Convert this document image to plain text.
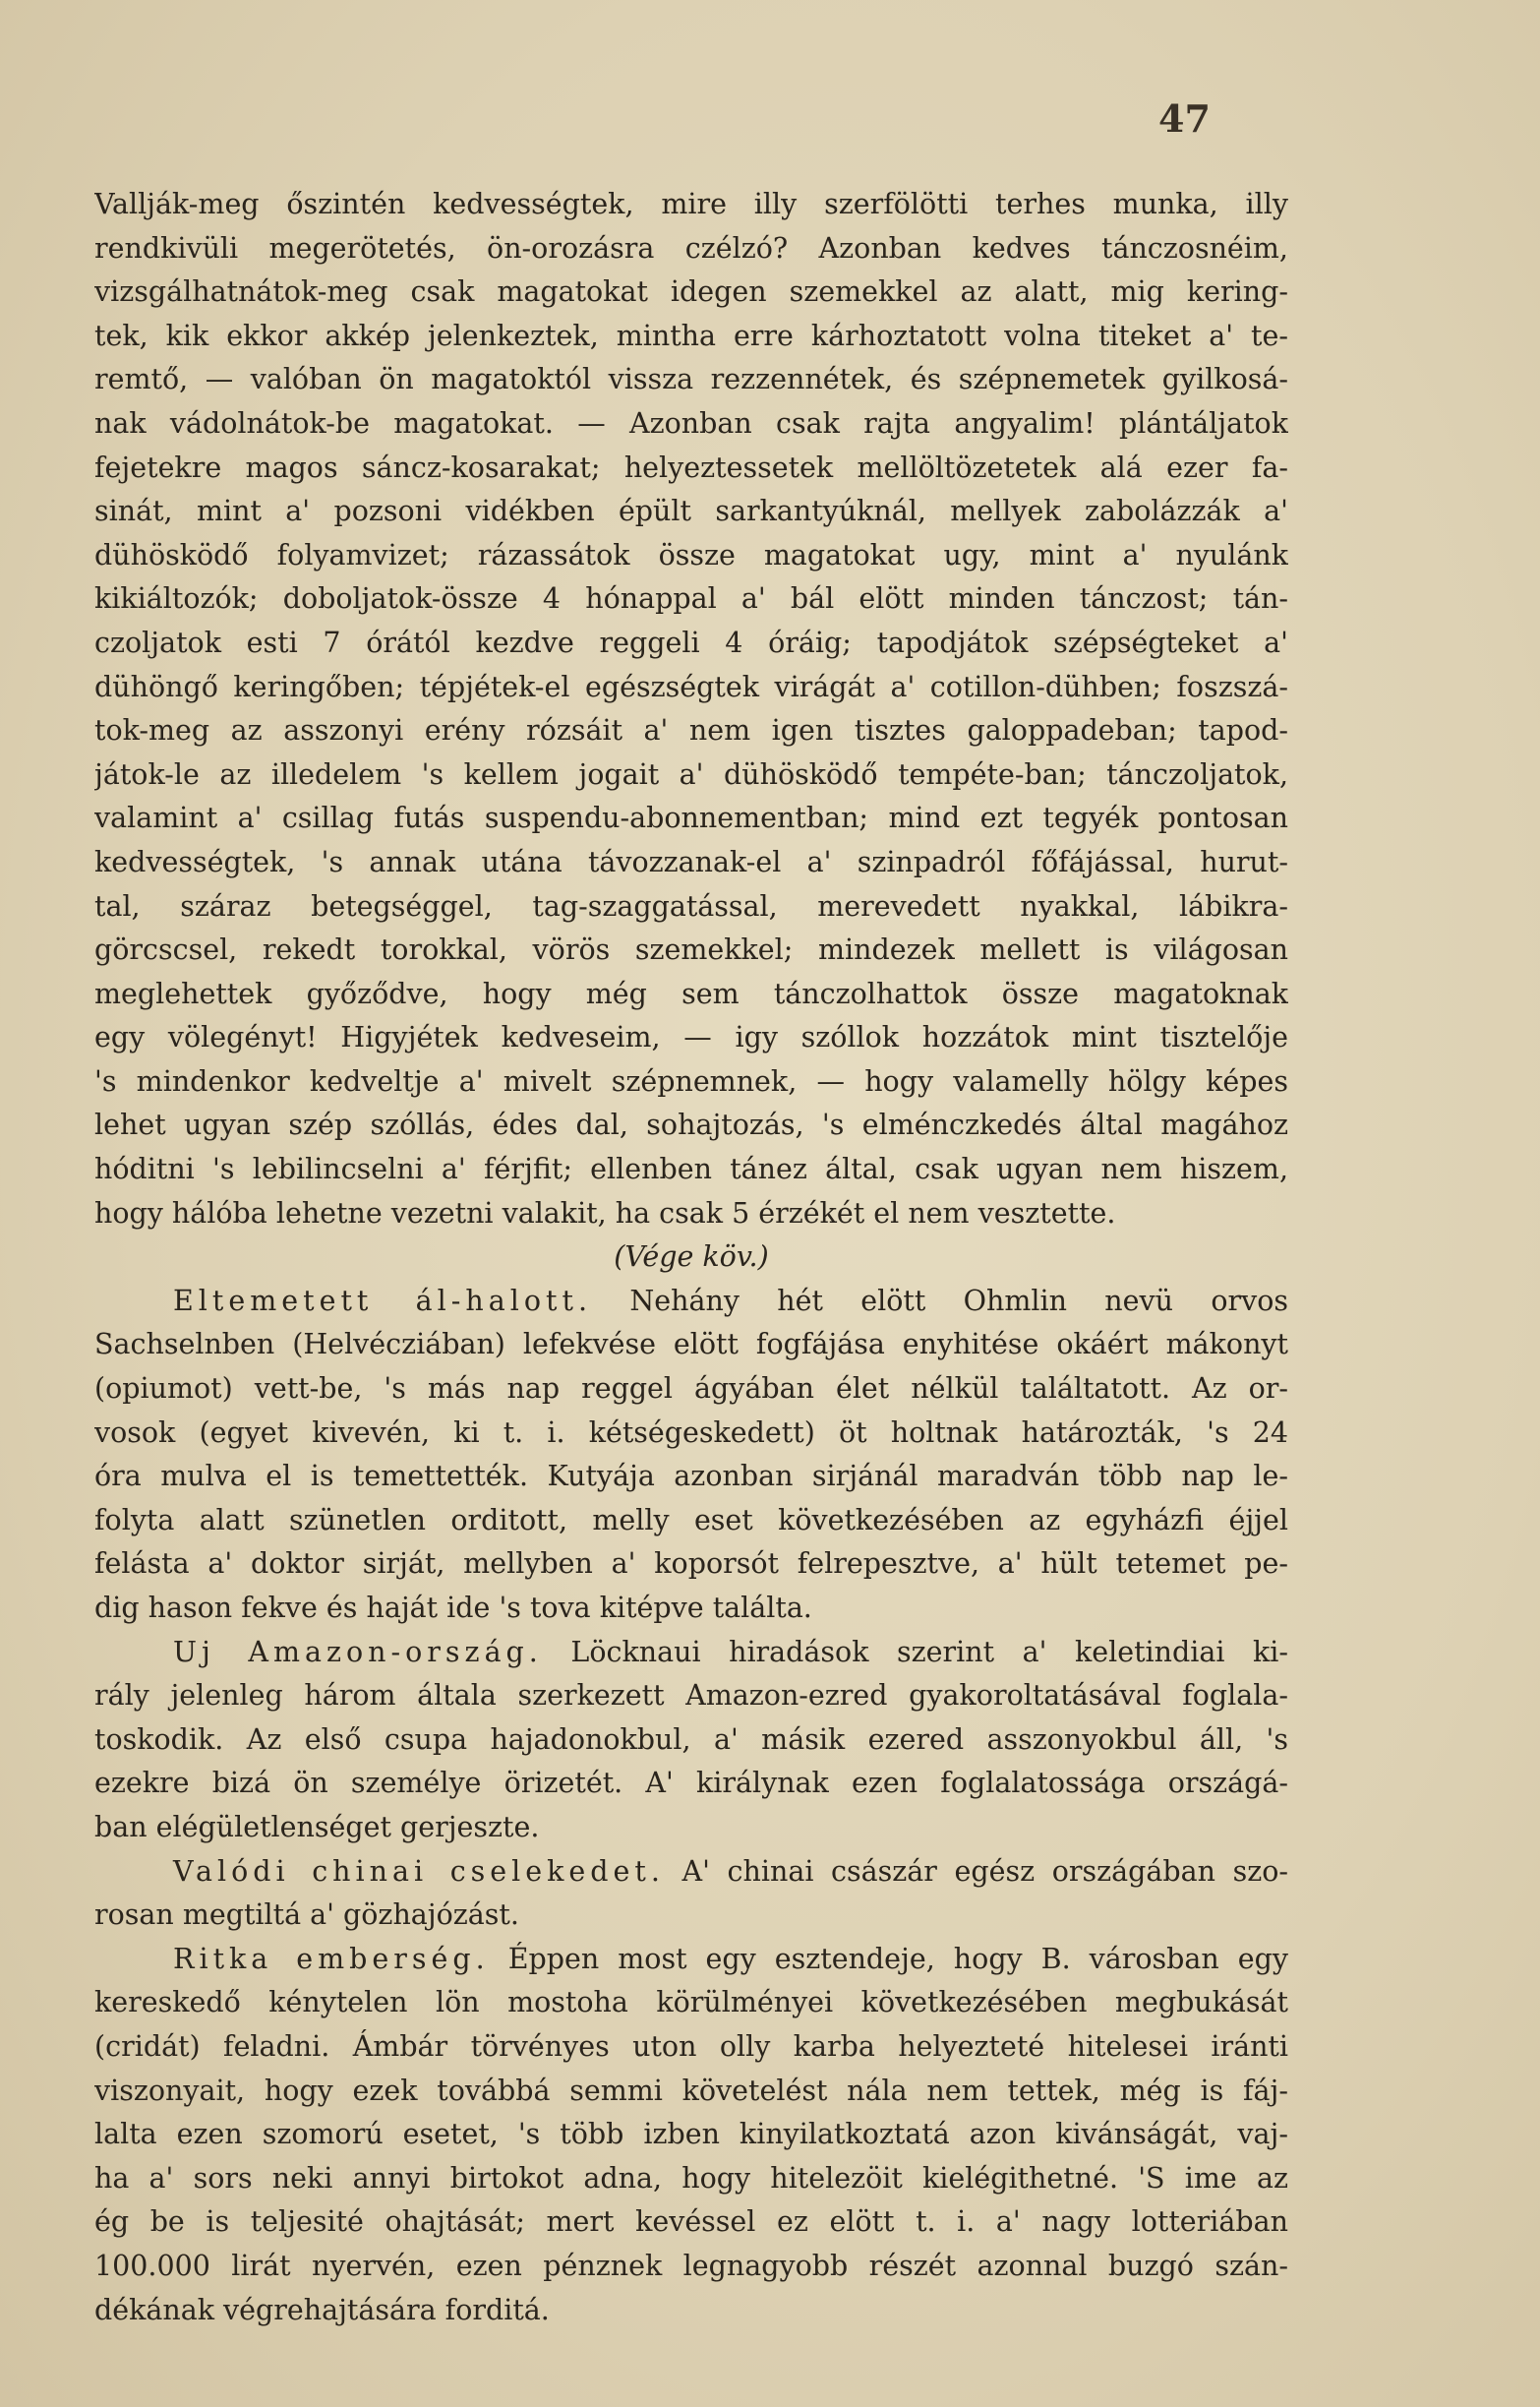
47
Vallják-meg őszintén kedvességtek, mire illy szerfölötti terhes munka, illy
rendkivüli megerötetés, ön-orozásra czélzó? Azonban kedves tánczosnéim,
vizsgálhatnátok-meg csak magatokat idegen szemekkel az alatt, mig kering-
tek, kik ekkor akkép jelenkeztek, mintha erre kárhoztatott volna titeket a' te-
remtő, — valóban ön magatoktól vissza rezzennétek, és szépnemetek gyilkosá-
nak vádolnátok-be magatokat. — Azonban csak rajta angyalim! plántáljatok
fejetekre magos sáncz-kosarakat; helyeztessetek mellöltözetetek alá ezer fa-
sinát, mint a' pozsoni vidékben épült sarkantyúknál, mellyek zabolázzák a'
dühösködő folyamvizet; rázassátok össze magatokat ugy, mint a' nyulánk
kikiáltozók; doboljatok-össze 4 hónappal a' bál elött minden tánczost; tán-
czoljatok esti 7 órától kezdve reggeli 4 óráig; tapodjátok szépségteket a'
dühöngő keringőben; tépjétek-el egészségtek virágát a' cotillon-dühben; foszszá-
tok-meg az asszonyi erény rózsáit a' nem igen tisztes galoppadeban; tapod-
játok-le az illedelem 's kellem jogait a' dühösködő tempéte-ban; tánczoljatok,
valamint a' csillag futás suspendu-abonnementban; mind ezt tegyék pontosan
kedvességtek, 's annak utána távozzanak-el a' szinpadról főfájással, hurut-
tal, száraz betegséggel, tag-szaggatással, merevedett nyakkal, lábikra-
görcscsel, rekedt torokkal, vörös szemekkel; mindezek mellett is világosan
meglehettek győződve, hogy még sem tánczolhattok össze magatoknak
egy völegényt! Higyjétek kedveseim, — igy szóllok hozzátok mint tisztelője
's mindenkor kedveltje a' mivelt szépnemnek, — hogy valamelly hölgy képes
lehet ugyan szép szóllás, édes dal, sohajtozás, 's elménczkedés által magához
hóditni 's lebilincselni a' férjfit; ellenben tánez által, csak ugyan nem hiszem,
hogy hálóba lehetne vezetni valakit, ha csak 5 érzékét el nem vesztette.
(Vége köv.)
Eltemetett ál-halott. Nehány hét elött Ohmlin nevü orvos
Sachselnben (Helvécziában) lefekvése elött fogfájása enyhitése okáért mákonyt
(opiumot) vett-be, 's más nap reggel ágyában élet nélkül találtatott. Az or-
vosok (egyet kivevén, ki t. i. kétségeskedett) öt holtnak határozták, 's 24
óra mulva el is temettették. Kutyája azonban sirjánál maradván több nap le-
folyta alatt szünetlen orditott, melly eset következésében az egyházfi éjjel
felásta a' doktor sirját, mellyben a' koporsót felrepesztve, a' hült tetemet pe-
dig hason fekve és haját ide 's tova kitépve találta.
Uj Amazon-ország. Löcknaui hiradások szerint a' keletindiai ki-
rály jelenleg három általa szerkezett Amazon-ezred gyakoroltatásával foglala-
toskodik. Az első csupa hajadonokbul, a' másik ezered asszonyokbul áll, 's
ezekre bizá ön személye örizetét. A' királynak ezen foglalatossága országá-
ban elégületlenséget gerjeszte.
Valódi chinai cselekedet. A' chinai császár egész országában szo-
rosan megtiltá a' gözhajózást.
Ritka emberség. Éppen most egy esztendeje, hogy B. városban egy
kereskedő kénytelen lön mostoha körülményei következésében megbukását
(cridát) feladni. Ámbár törvényes uton olly karba helyezteté hitelesei iránti
viszonyait, hogy ezek továbbá semmi követelést nála nem tettek, még is fáj-
lalta ezen szomorú esetet, 's több izben kinyilatkoztatá azon kivánságát, vaj-
ha a' sors neki annyi birtokot adna, hogy hitelezöit kielégithetné. 'S ime az
ég be is teljesité ohajtását; mert kevéssel ez elött t. i. a' nagy lotteriában
100.000 lirát nyervén, ezen pénznek legnagyobb részét azonnal buzgó szán-
dékának végrehajtására forditá.
